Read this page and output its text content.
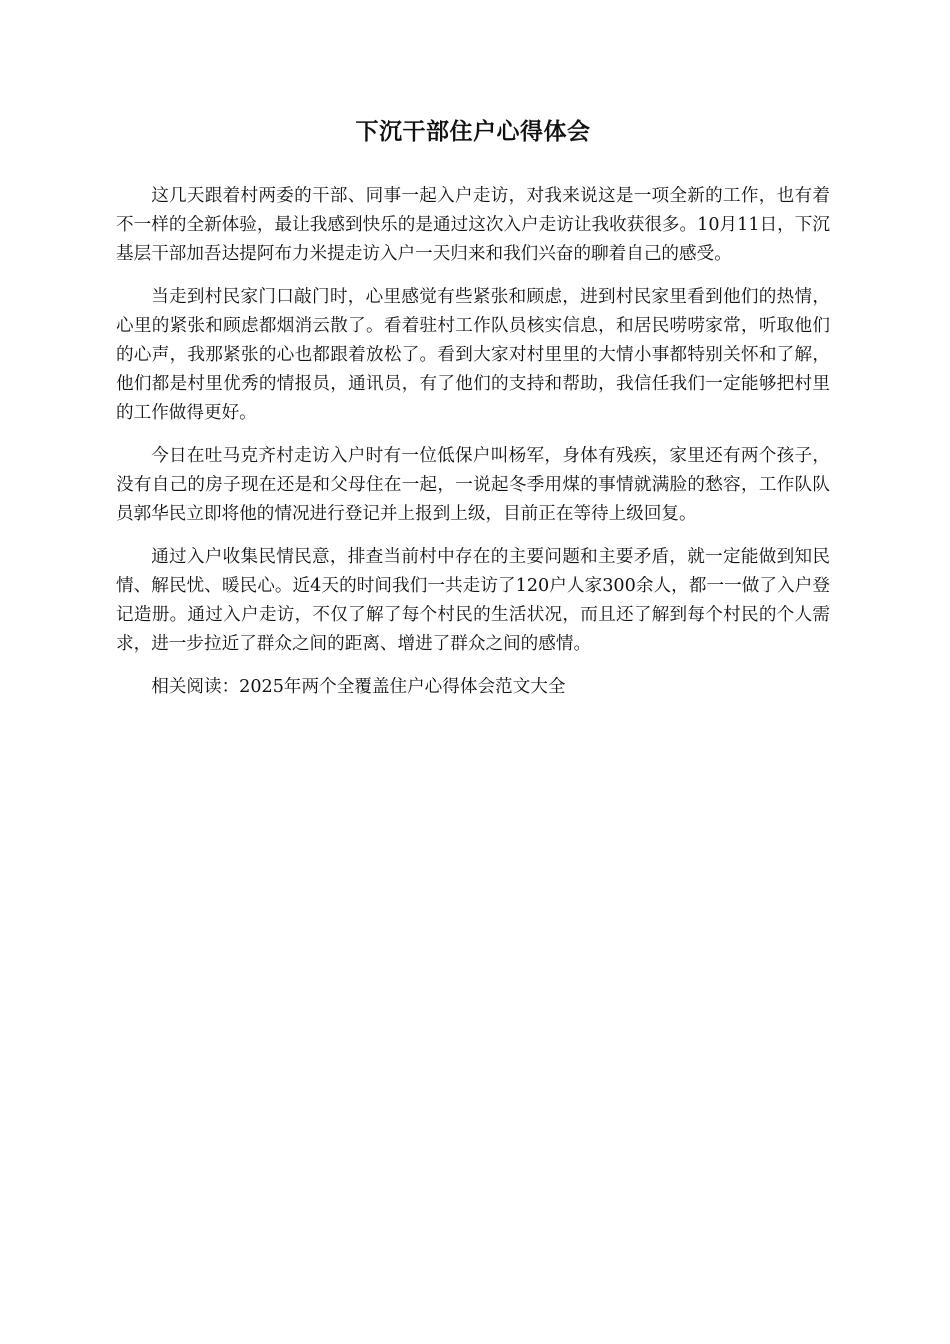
下沉干部住户心得体会

这几天跟着村两委的干部、同事一起入户走访，对我来说这是一项全新的工作，也有着不一样的全新体验，最让我感到快乐的是通过这次入户走访让我收获很多。10月11日，下沉基层干部加吾达提阿布力米提走访入户一天归来和我们兴奋的聊着自己的感受。

当走到村民家门口敲门时，心里感觉有些紧张和顾虑，进到村民家里看到他们的热情，心里的紧张和顾虑都烟消云散了。看着驻村工作队员核实信息，和居民唠唠家常，听取他们的心声，我那紧张的心也都跟着放松了。看到大家对村里里的大情小事都特别关怀和了解，他们都是村里优秀的情报员，通讯员，有了他们的支持和帮助，我信任我们一定能够把村里的工作做得更好。

今日在吐马克齐村走访入户时有一位低保户叫杨军，身体有残疾，家里还有两个孩子，没有自己的房子现在还是和父母住在一起，一说起冬季用煤的事情就满脸的愁容，工作队队员郭华民立即将他的情况进行登记并上报到上级，目前正在等待上级回复。

通过入户收集民情民意，排查当前村中存在的主要问题和主要矛盾，就一定能做到知民情、解民忧、暖民心。近4天的时间我们一共走访了120户人家300余人，都一一做了入户登记造册。通过入户走访，不仅了解了每个村民的生活状况，而且还了解到每个村民的个人需求，进一步拉近了群众之间的距离、增进了群众之间的感情。

相关阅读：2025年两个全覆盖住户心得体会范文大全
